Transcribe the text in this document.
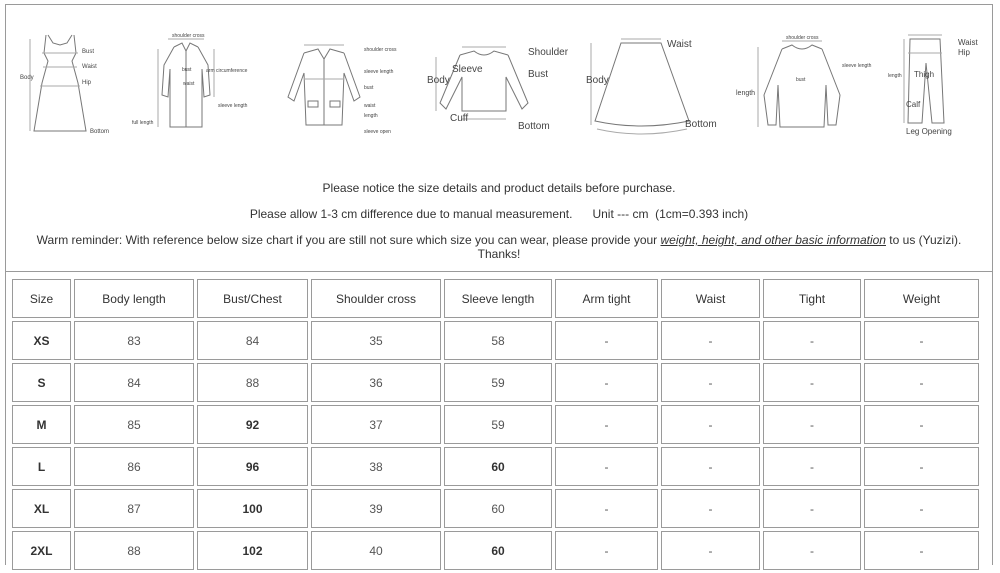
Bust
Waist
Body
Hip
Bottom
shoulder cross
bust	arm circumference
waist
full length
sleeve length
shoulder cross
sleeve length
bust
waist
length
sleeve open
Shoulder
Sleeve	Bust
Body
Cuff
Bottom
Waist
Body
Bottom
shoulder cross
sleeve length
length
bust
Waist
Hip
length Thigh
Calf
Leg Opening
Please notice the size details and product details before purchase.
Please allow 1-3 cm difference due to manual measurement.      Unit --- cm  (1cm=0.393 inch)
Warm reminder: With reference below size chart if you are still not sure which size you can wear, please provide your weight, height, and other basic information to us (Yuzizi).
Thanks!
Size	Body length	Bust/Chest	Shoulder cross	Sleeve length	Arm tight	Waist	Tight	Weight
XS	83	84	35	58	-	-	-	-
S	84	88	36	59	-	-	-	-
M	85	92	37	59	-	-	-	-
L	86	96	38	60	-	-	-	-
XL	87	100	39	60	-	-	-	-
2XL	88	102	40	60	-	-	-	-
